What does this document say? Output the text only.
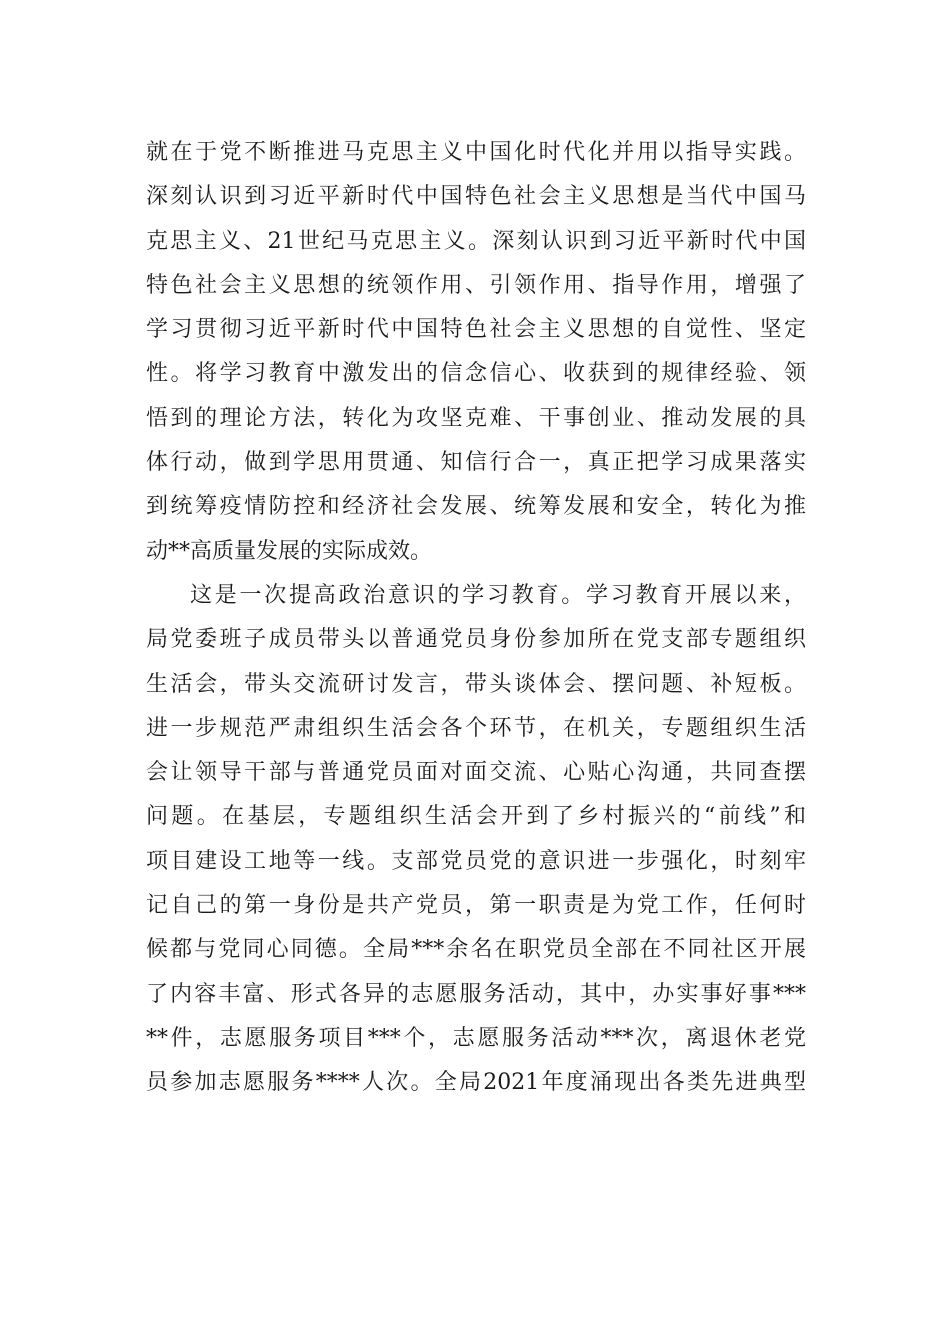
就在于党不断推进马克思主义中国化时代化并用以指导实践。
深刻认识到习近平新时代中国特色社会主义思想是当代中国马
克思主义、21世纪马克思主义。深刻认识到习近平新时代中国
特色社会主义思想的统领作用、引领作用、指导作用，增强了
学习贯彻习近平新时代中国特色社会主义思想的自觉性、坚定
性。将学习教育中激发出的信念信心、收获到的规律经验、领
悟到的理论方法，转化为攻坚克难、干事创业、推动发展的具
体行动，做到学思用贯通、知信行合一，真正把学习成果落实
到统筹疫情防控和经济社会发展、统筹发展和安全，转化为推
动**高质量发展的实际成效。
这是一次提高政治意识的学习教育。学习教育开展以来，
局党委班子成员带头以普通党员身份参加所在党支部专题组织
生活会，带头交流研讨发言，带头谈体会、摆问题、补短板。
进一步规范严肃组织生活会各个环节，在机关，专题组织生活
会让领导干部与普通党员面对面交流、心贴心沟通，共同查摆
问题。在基层，专题组织生活会开到了乡村振兴的“前线”和
项目建设工地等一线。支部党员党的意识进一步强化，时刻牢
记自己的第一身份是共产党员，第一职责是为党工作，任何时
候都与党同心同德。全局***余名在职党员全部在不同社区开展
了内容丰富、形式各异的志愿服务活动，其中，办实事好事***
**件，志愿服务项目***个，志愿服务活动***次，离退休老党
员参加志愿服务****人次。全局2021年度涌现出各类先进典型
